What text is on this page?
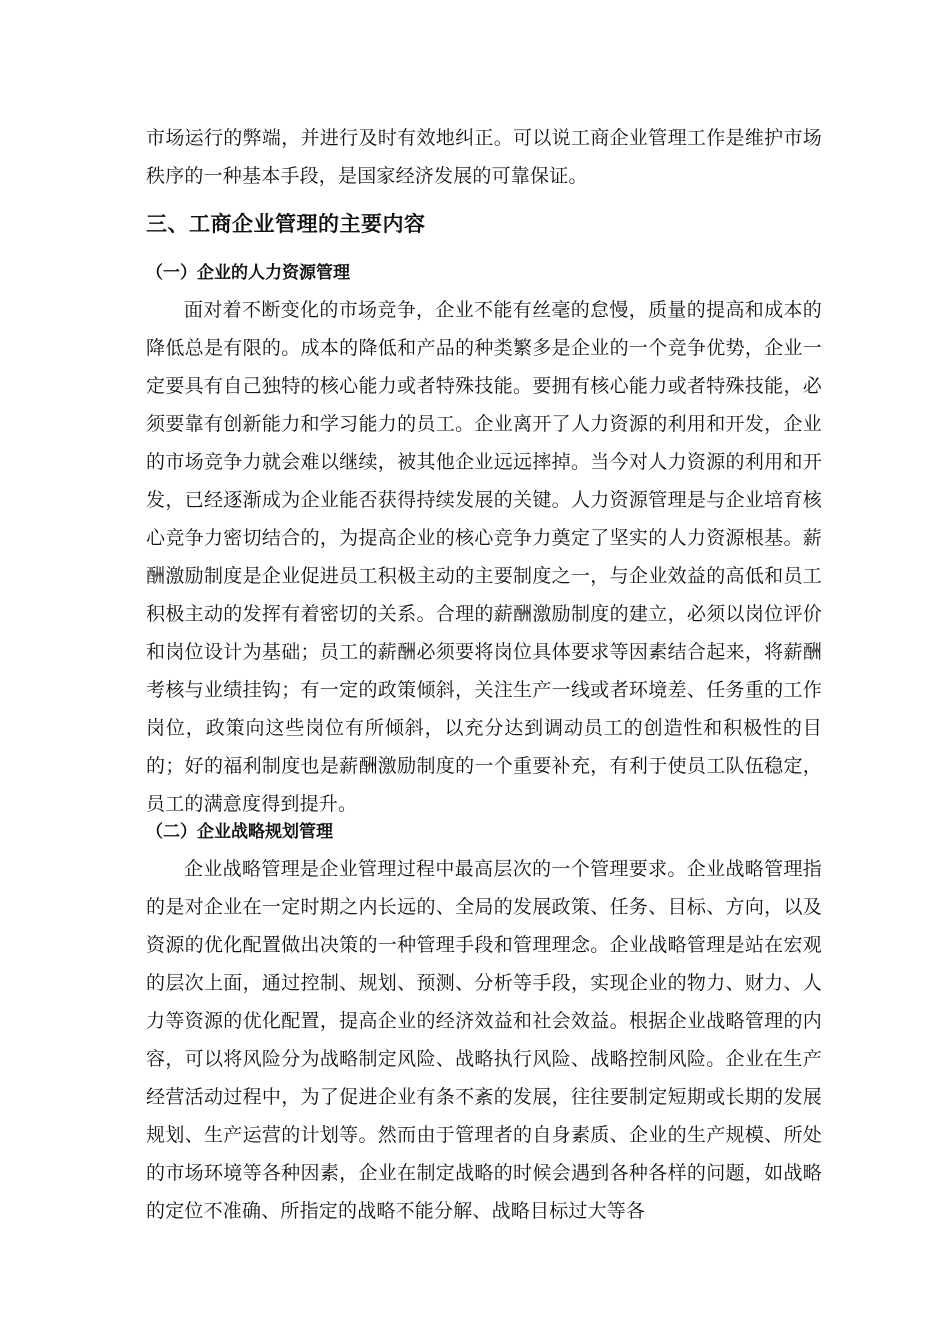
市场运行的弊端，并进行及时有效地纠正。可以说工商企业管理工作是维护市场秩序的一种基本手段，是国家经济发展的可靠保证。

三、工商企业管理的主要内容
（一）企业的人力资源管理

面对着不断变化的市场竞争，企业不能有丝毫的怠慢，质量的提高和成本的降低总是有限的。成本的降低和产品的种类繁多是企业的一个竞争优势，企业一定要具有自己独特的核心能力或者特殊技能。要拥有核心能力或者特殊技能，必须要靠有创新能力和学习能力的员工。企业离开了人力资源的利用和开发，企业的市场竞争力就会难以继续，被其他企业远远摔掉。当今对人力资源的利用和开发，已经逐渐成为企业能否获得持续发展的关键。人力资源管理是与企业培育核心竞争力密切结合的，为提高企业的核心竞争力奠定了坚实的人力资源根基。薪酬激励制度是企业促进员工积极主动的主要制度之一，与企业效益的高低和员工积极主动的发挥有着密切的关系。合理的薪酬激励制度的建立，必须以岗位评价和岗位设计为基础；员工的薪酬必须要将岗位具体要求等因素结合起来，将薪酬考核与业绩挂钩；有一定的政策倾斜，关注生产一线或者环境差、任务重的工作岗位，政策向这些岗位有所倾斜，以充分达到调动员工的创造性和积极性的目的；好的福利制度也是薪酬激励制度的一个重要补充，有利于使员工队伍稳定，员工的满意度得到提升。

（二）企业战略规划管理

企业战略管理是企业管理过程中最高层次的一个管理要求。企业战略管理指的是对企业在一定时期之内长远的、全局的发展政策、任务、目标、方向，以及资源的优化配置做出决策的一种管理手段和管理理念。企业战略管理是站在宏观的层次上面，通过控制、规划、预测、分析等手段，实现企业的物力、财力、人力等资源的优化配置，提高企业的经济效益和社会效益。根据企业战略管理的内容，可以将风险分为战略制定风险、战略执行风险、战略控制风险。企业在生产经营活动过程中，为了促进企业有条不紊的发展，往往要制定短期或长期的发展规划、生产运营的计划等。然而由于管理者的自身素质、企业的生产规模、所处的市场环境等各种因素，企业在制定战略的时候会遇到各种各样的问题，如战略的定位不准确、所指定的战略不能分解、战略目标过大等各
